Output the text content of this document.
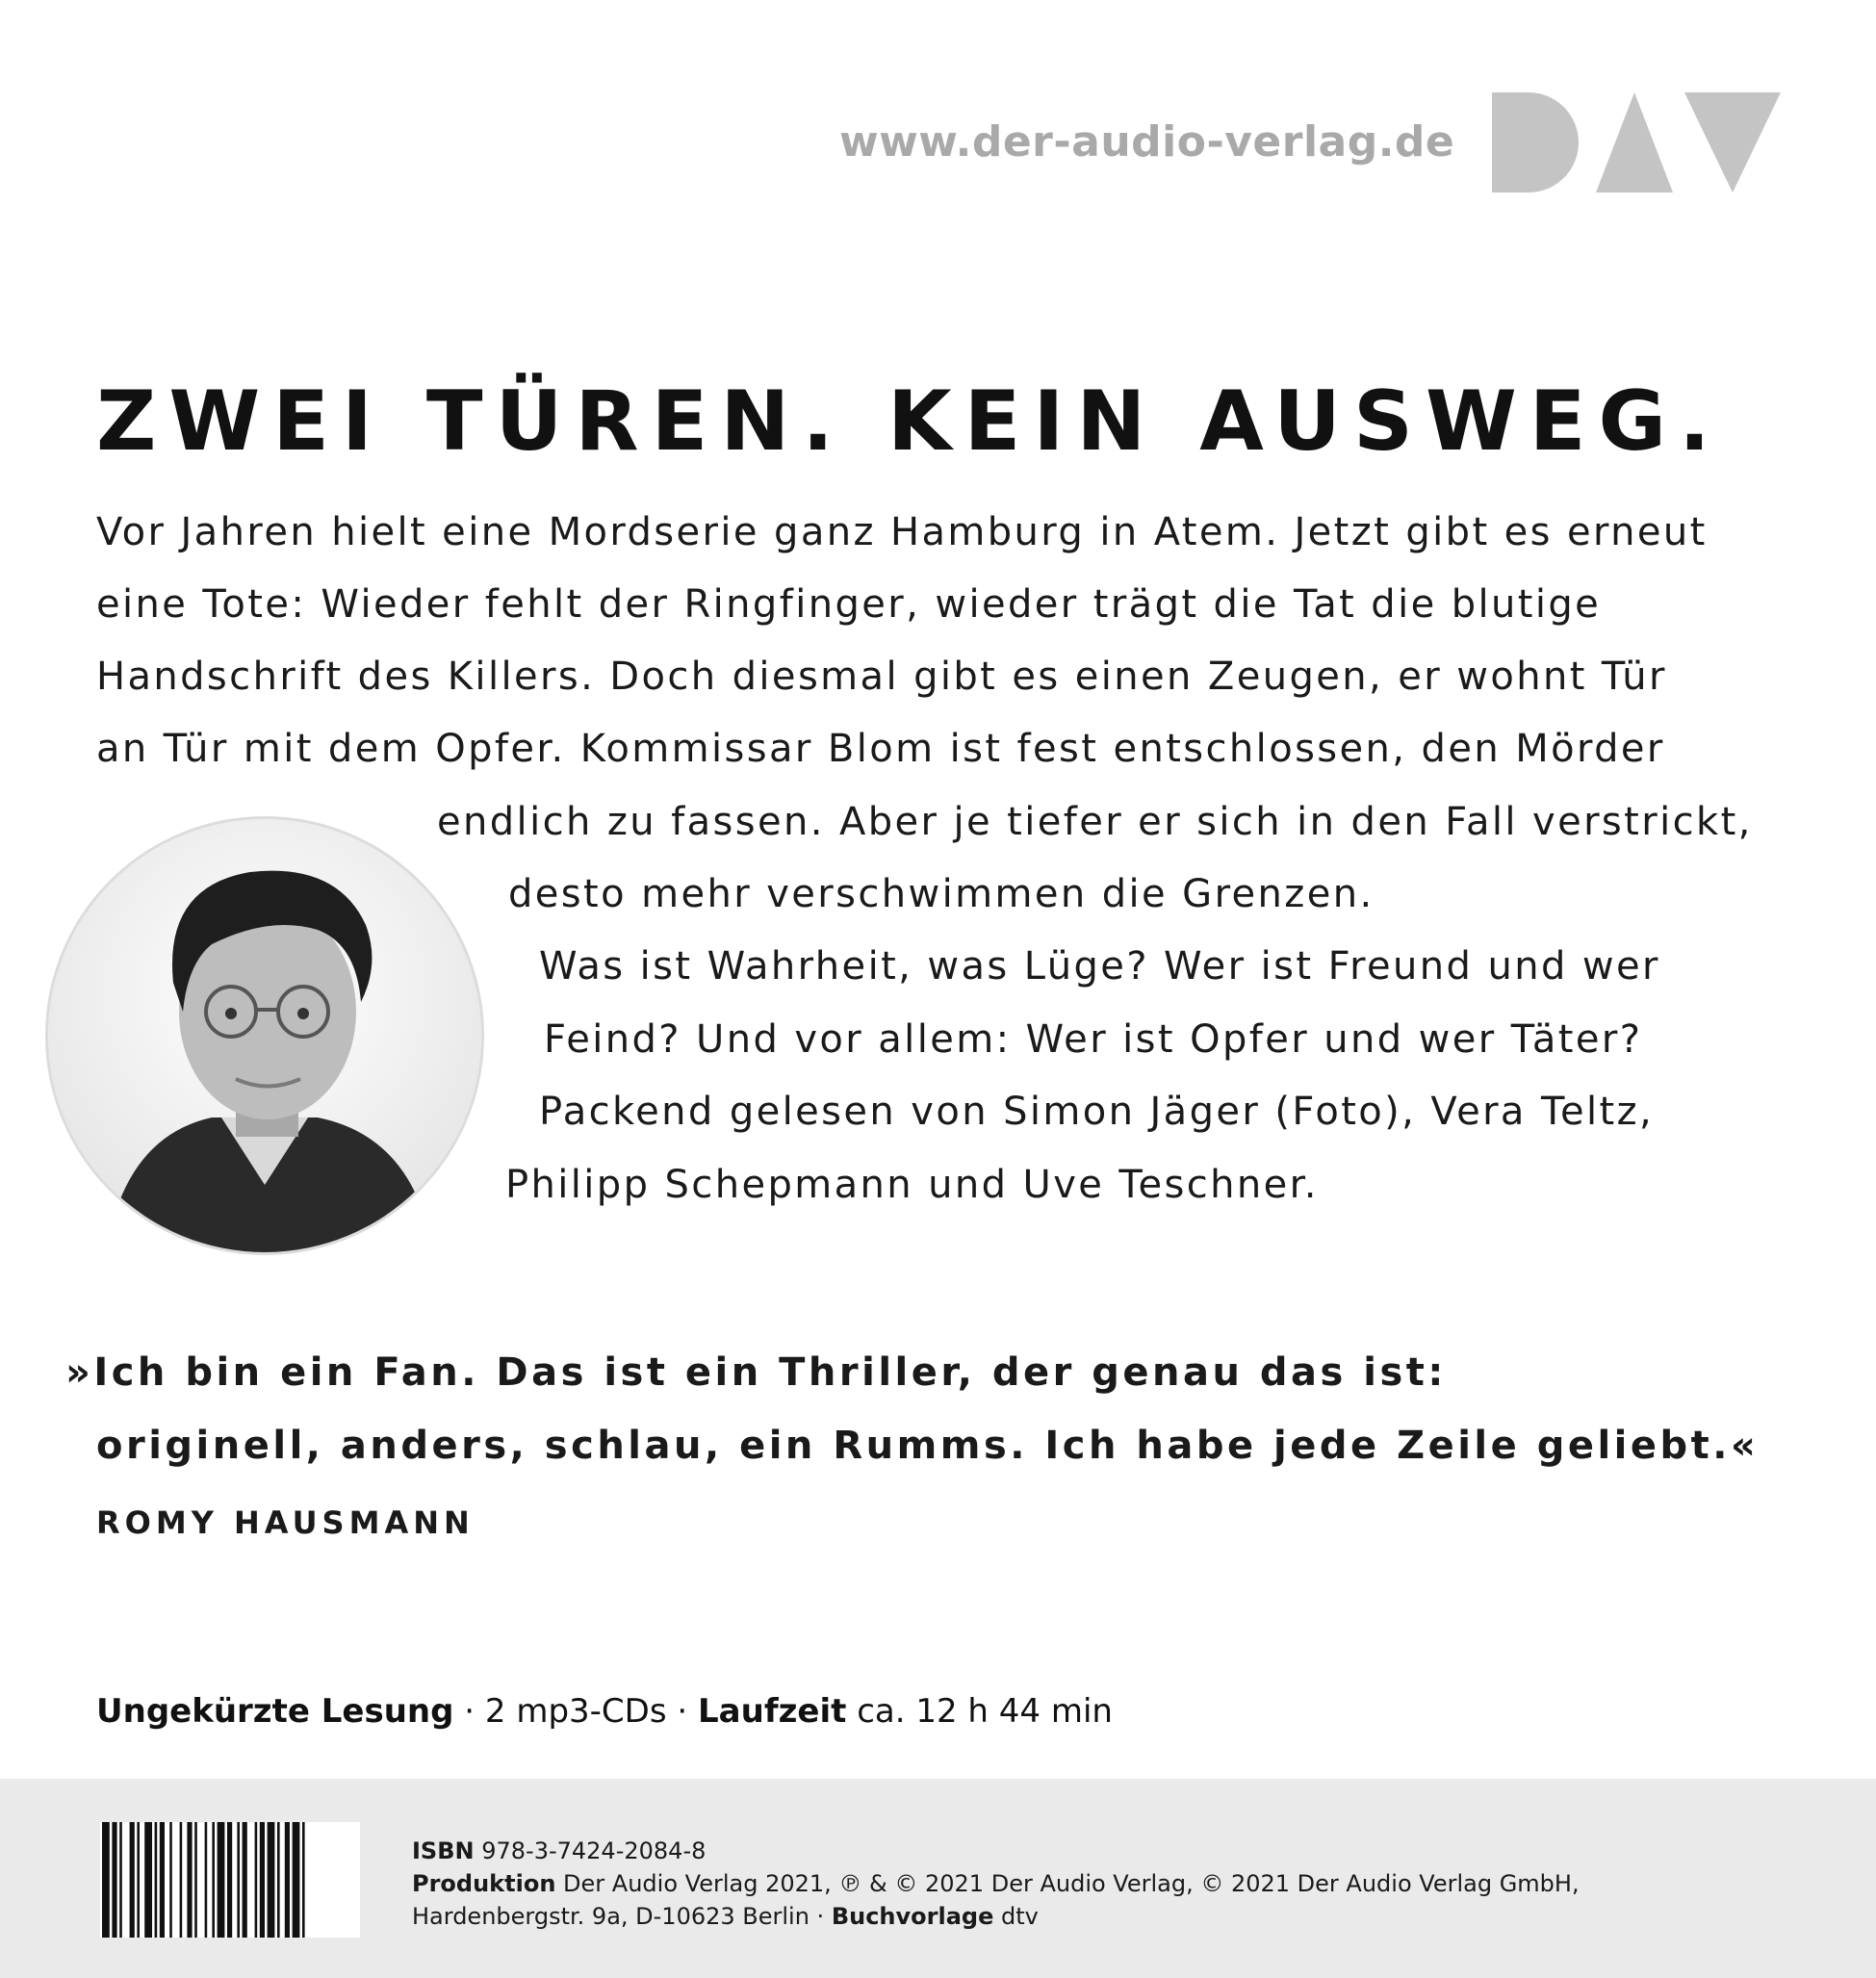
www.der-audio-verlag.de
ZWEI TÜREN. KEIN AUSWEG.
Vor Jahren hielt eine Mordserie ganz Hamburg in Atem. Jetzt gibt es erneut
eine Tote: Wieder fehlt der Ringfinger, wieder trägt die Tat die blutige
Handschrift des Killers. Doch diesmal gibt es einen Zeugen, er wohnt Tür
an Tür mit dem Opfer. Kommissar Blom ist fest entschlossen, den Mörder
endlich zu fassen. Aber je tiefer er sich in den Fall verstrickt,
desto mehr verschwimmen die Grenzen.
Was ist Wahrheit, was Lüge? Wer ist Freund und wer
Feind? Und vor allem: Wer ist Opfer und wer Täter?
Packend gelesen von Simon Jäger (Foto), Vera Teltz,
Philipp Schepmann und Uve Teschner.
»Ich bin ein Fan. Das ist ein Thriller, der genau das ist:
originell, anders, schlau, ein Rumms. Ich habe jede Zeile geliebt.«
ROMY HAUSMANN
Ungekürzte Lesung · 2 mp3-CDs · Laufzeit ca. 12 h 44 min
ISBN 978-3-7424-2084-8
Produktion Der Audio Verlag 2021, ℗ & © 2021 Der Audio Verlag, © 2021 Der Audio Verlag GmbH,
Hardenbergstr. 9a, D-10623 Berlin · Buchvorlage dtv
